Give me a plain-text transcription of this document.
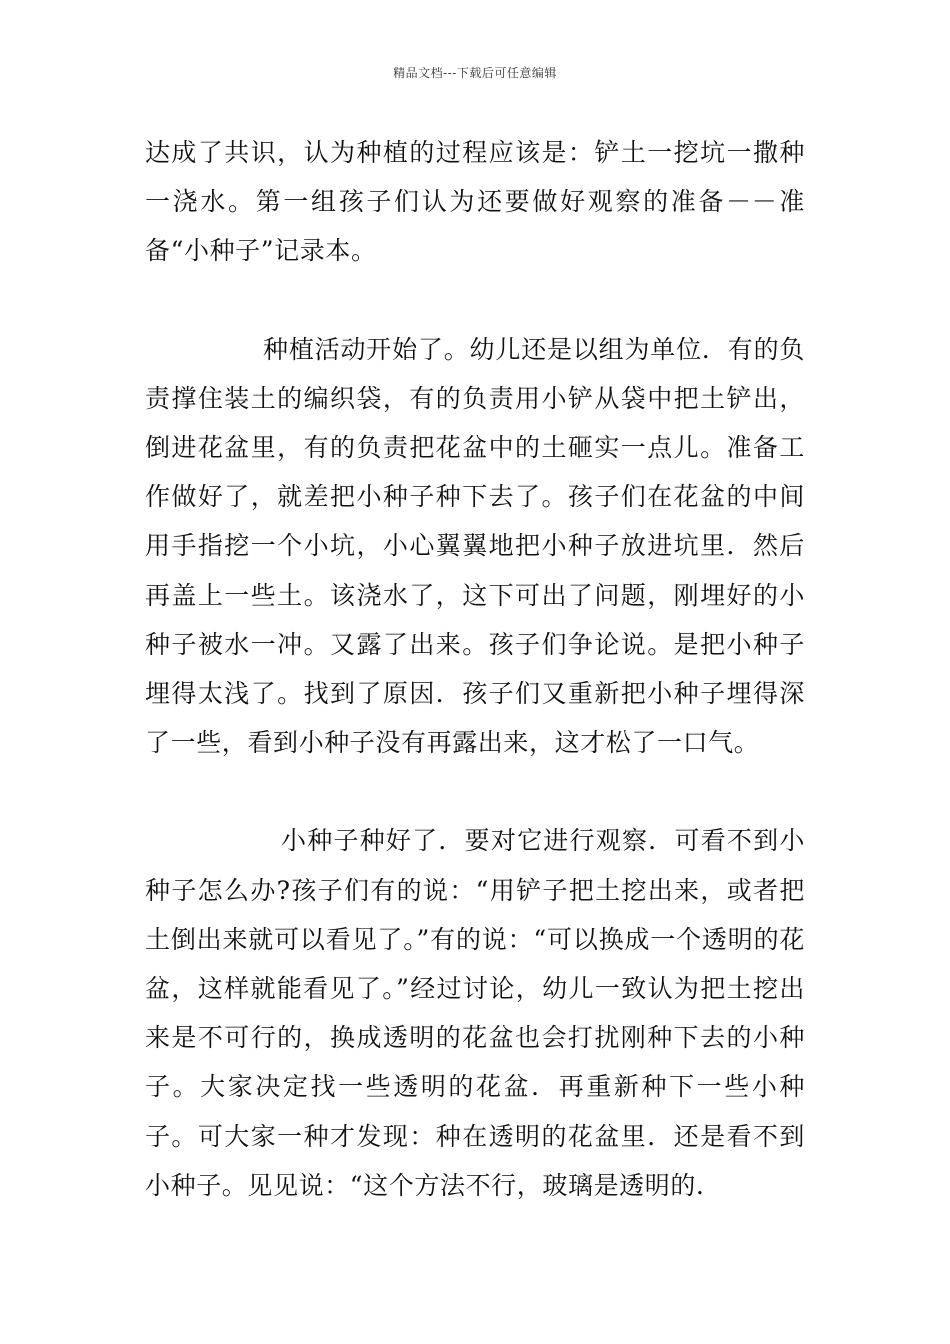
精品文档---下载后可任意编辑

达成了共识，认为种植的过程应该是：铲土一挖坑一撒种一浇水。第一组孩子们认为还要做好观察的准备－－准备“小种子”记录本。

种植活动开始了。幼儿还是以组为单位．有的负责撑住装土的编织袋，有的负责用小铲从袋中把土铲出，倒进花盆里，有的负责把花盆中的土砸实一点儿。准备工作做好了，就差把小种子种下去了。孩子们在花盆的中间用手指挖一个小坑，小心翼翼地把小种子放进坑里．然后再盖上一些土。该浇水了，这下可出了问题，刚埋好的小种子被水一冲。又露了出来。孩子们争论说。是把小种子埋得太浅了。找到了原因．孩子们又重新把小种子埋得深了一些，看到小种子没有再露出来，这才松了一口气。

小种子种好了．要对它进行观察．可看不到小种子怎么办?孩子们有的说：“用铲子把土挖出来，或者把土倒出来就可以看见了。”有的说：“可以换成一个透明的花盆，这样就能看见了。”经过讨论，幼儿一致认为把土挖出来是不可行的，换成透明的花盆也会打扰刚种下去的小种子。大家决定找一些透明的花盆．再重新种下一些小种子。可大家一种才发现：种在透明的花盆里．还是看不到小种子。见见说：“这个方法不行，玻璃是透明的．
